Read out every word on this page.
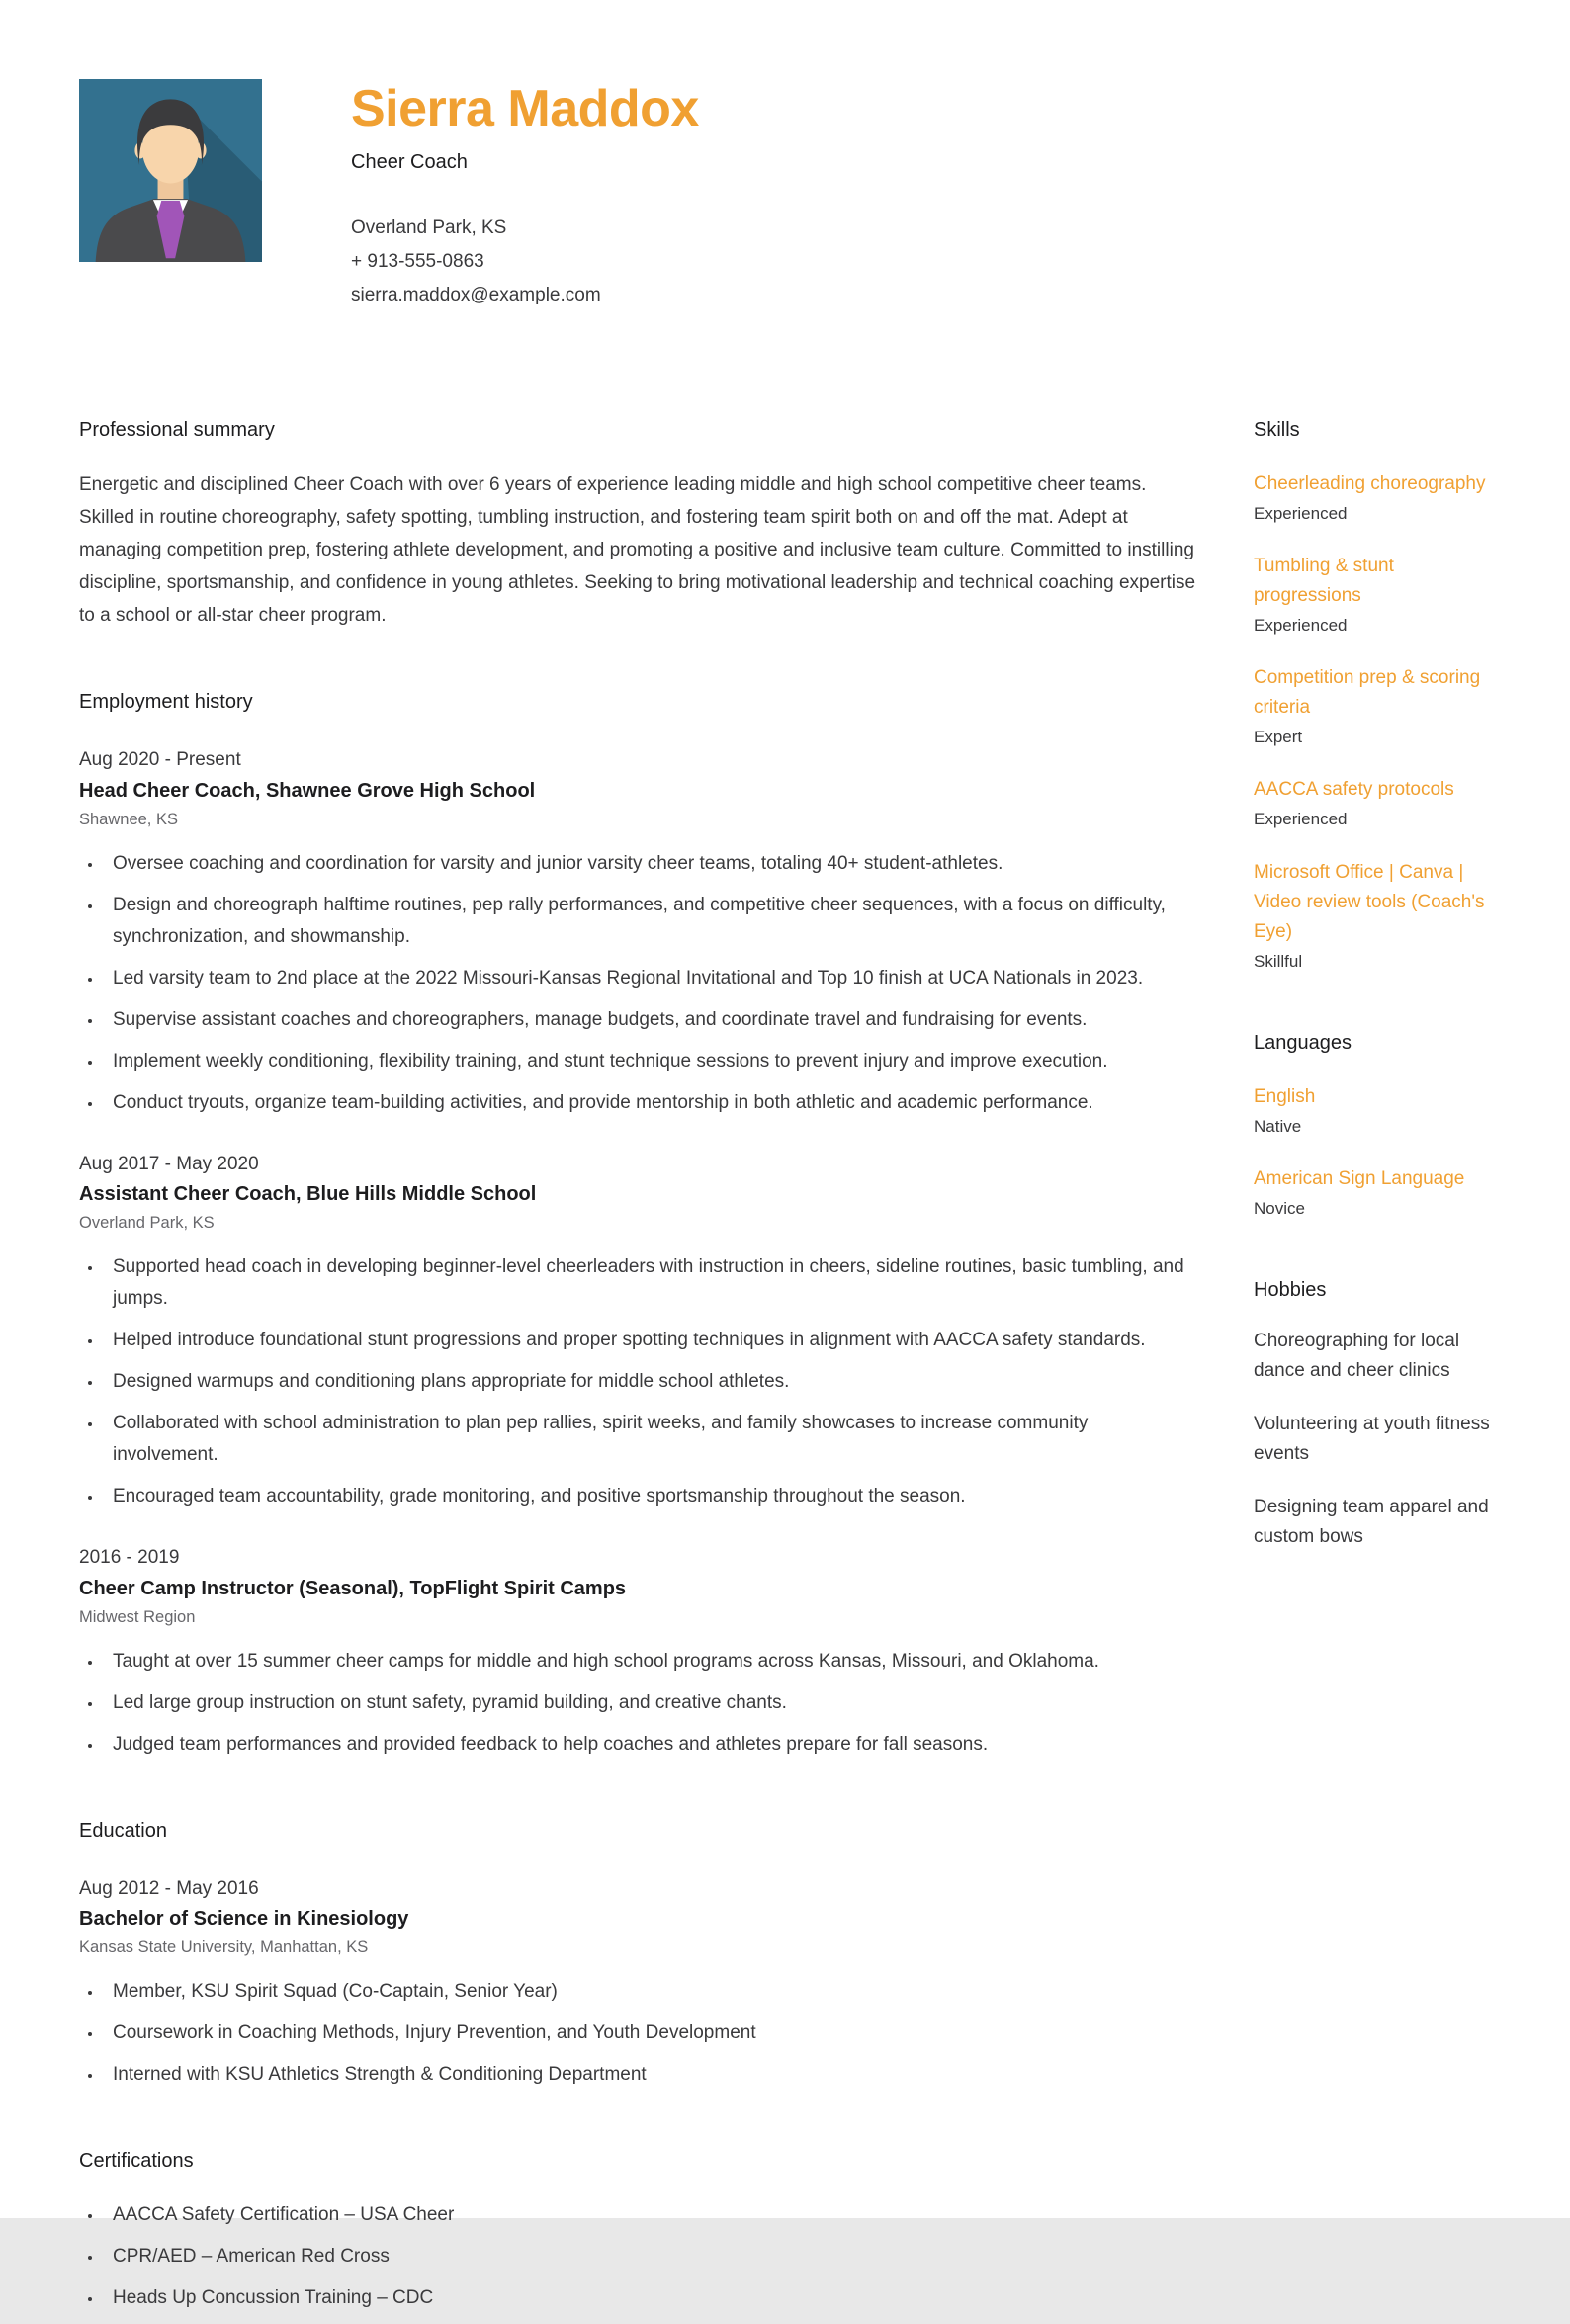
Sierra Maddox
Cheer Coach
Overland Park, KS
+ 913-555-0863
sierra.maddox@example.com
Professional summary

Energetic and disciplined Cheer Coach with over 6 years of experience leading middle and high school competitive cheer teams. Skilled in routine choreography, safety spotting, tumbling instruction, and fostering team spirit both on and off the mat. Adept at managing competition prep, fostering athlete development, and promoting a positive and inclusive team culture. Committed to instilling discipline, sportsmanship, and confidence in young athletes. Seeking to bring motivational leadership and technical coaching expertise to a school or all-star cheer program.

Employment history
Aug 2020 - Present
Head Cheer Coach, Shawnee Grove High School
Shawnee, KS
• Oversee coaching and coordination for varsity and junior varsity cheer teams, totaling 40+ student-athletes.
• Design and choreograph halftime routines, pep rally performances, and competitive cheer sequences, with a focus on difficulty, synchronization, and showmanship.
• Led varsity team to 2nd place at the 2022 Missouri-Kansas Regional Invitational and Top 10 finish at UCA Nationals in 2023.
• Supervise assistant coaches and choreographers, manage budgets, and coordinate travel and fundraising for events.
• Implement weekly conditioning, flexibility training, and stunt technique sessions to prevent injury and improve execution.
• Conduct tryouts, organize team-building activities, and provide mentorship in both athletic and academic performance.
Aug 2017 - May 2020
Assistant Cheer Coach, Blue Hills Middle School
Overland Park, KS
• Supported head coach in developing beginner-level cheerleaders with instruction in cheers, sideline routines, basic tumbling, and jumps.
• Helped introduce foundational stunt progressions and proper spotting techniques in alignment with AACCA safety standards.
• Designed warmups and conditioning plans appropriate for middle school athletes.
• Collaborated with school administration to plan pep rallies, spirit weeks, and family showcases to increase community involvement.
• Encouraged team accountability, grade monitoring, and positive sportsmanship throughout the season.
2016 - 2019
Cheer Camp Instructor (Seasonal), TopFlight Spirit Camps
Midwest Region
• Taught at over 15 summer cheer camps for middle and high school programs across Kansas, Missouri, and Oklahoma.
• Led large group instruction on stunt safety, pyramid building, and creative chants.
• Judged team performances and provided feedback to help coaches and athletes prepare for fall seasons.
Education
Aug 2012 - May 2016
Bachelor of Science in Kinesiology
Kansas State University, Manhattan, KS
• Member, KSU Spirit Squad (Co-Captain, Senior Year)
• Coursework in Coaching Methods, Injury Prevention, and Youth Development
• Interned with KSU Athletics Strength & Conditioning Department
Certifications
• AACCA Safety Certification – USA Cheer
• CPR/AED – American Red Cross
• Heads Up Concussion Training – CDC
Skills
Cheerleading choreography
Experienced
Tumbling & stunt progressions
Experienced
Competition prep & scoring criteria
Expert
AACCA safety protocols
Experienced
Microsoft Office | Canva | Video review tools (Coach's Eye)
Skillful
Languages
English
Native
American Sign Language
Novice
Hobbies
Choreographing for local dance and cheer clinics
Volunteering at youth fitness events
Designing team apparel and custom bows
